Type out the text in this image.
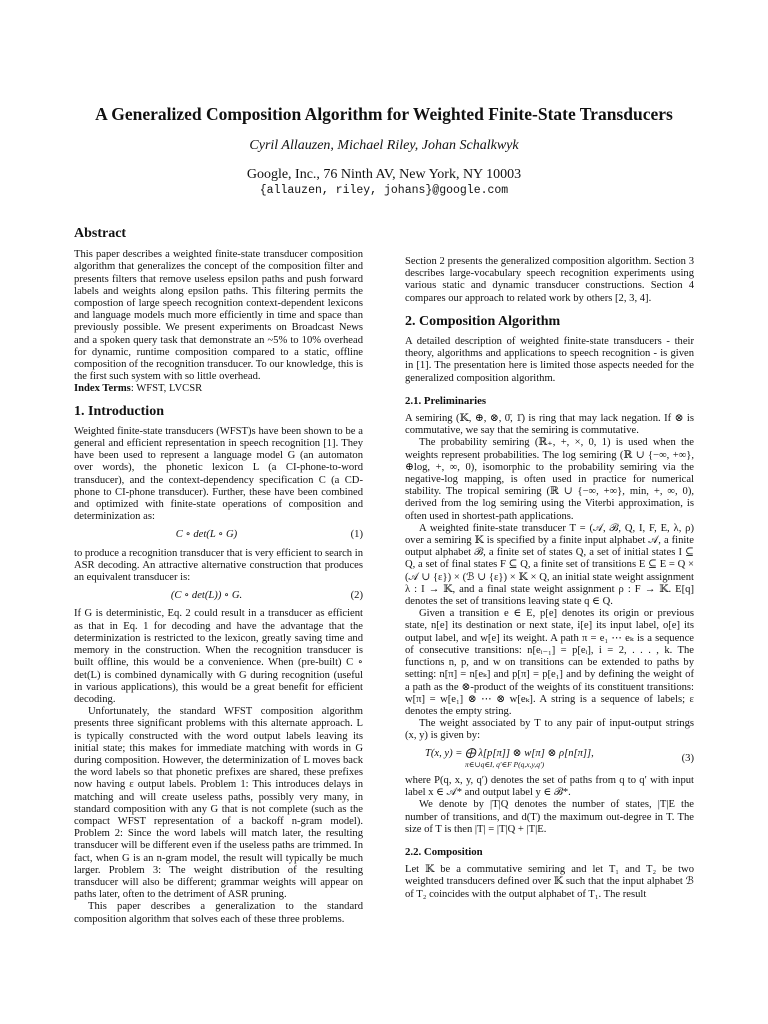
A Generalized Composition Algorithm for Weighted Finite-State Transducers

Cyril Allauzen, Michael Riley, Johan Schalkwyk

Google, Inc., 76 Ninth AV, New York, NY 10003

{allauzen, riley, johans}@google.com

Abstract

This paper describes a weighted finite-state transducer composition algorithm that generalizes the concept of the composition filter and presents filters that remove useless epsilon paths and push forward labels and weights along epsilon paths. This filtering permits the compostion of large speech recognition context-dependent lexicons and language models much more efficiently in time and space than previously possible. We present experiments on Broadcast News and a spoken query task that demonstrate an ~5% to 10% overhead for dynamic, runtime composition compared to a static, offline composition of the recognition transducer. To our knowledge, this is the first such system with so little overhead.

Index Terms: WFST, LVCSR

1. Introduction

Weighted finite-state transducers (WFST)s have been shown to be a general and efficient representation in speech recognition [1]. They have been used to represent a language model G (an automaton over words), the phonetic lexicon L (a CI-phone-to-word transducer), and the context-dependency specification C (a CD-phone to CI-phone transducer). Further, these have been combined and optimized with finite-state operations of composition and determinization as:

C ∘ det(L ∘ G)	(1)

to produce a recognition transducer that is very efficient to search in ASR decoding. An attractive alternative construction that produces an equivalent transducer is:

(C ∘ det(L)) ∘ G.	(2)

If G is deterministic, Eq. 2 could result in a transducer as efficient as that in Eq. 1 for decoding and have the advantage that the determinization is restricted to the lexicon, greatly saving time and memory in the construction. When the recognition transducer is built offline, this would be a convenience. When (pre-built) C ∘ det(L) is combined dynamically with G during recognition (useful in various applications), this would be a great benefit for efficient decoding.

Unfortunately, the standard WFST composition algorithm presents three significant problems with this alternate approach. L is typically constructed with the word output labels leaving its initial state; this makes for immediate matching with words in G during composition. However, the determinization of L moves back the word labels so that phonetic prefixes are shared, these prefixes now having ε output labels. Problem 1: This introduces delays in matching and will create useless paths, possibly very many, in standard composition with any G that is not complete (such as the compact WFST representation of a backoff n-gram model). Problem 2: Since the word labels will match later, the resulting transducer will be different even if the useless paths are trimmed. In fact, when G is an n-gram model, the result will typically be much larger. Problem 3: The weight distribution of the resulting transducer will also be different; grammar weights will appear on paths later, often to the detriment of ASR pruning.

This paper describes a generalization to the standard composition algorithm that solves each of these three problems.

Section 2 presents the generalized composition algorithm. Section 3 describes large-vocabulary speech recognition experiments using various static and dynamic transducer constructions. Section 4 compares our approach to related work by others [2, 3, 4].

2. Composition Algorithm

A detailed description of weighted finite-state transducers - their theory, algorithms and applications to speech recognition - is given in [1]. The presentation here is limited those aspects needed for the generalized composition algorithm.

2.1. Preliminaries

A semiring (𝕂, ⊕, ⊗, 0̄, 1̄) is ring that may lack negation. If ⊗ is commutative, we say that the semiring is commutative.

The probability semiring (ℝ₊, +, ×, 0, 1) is used when the weights represent probabilities. The log semiring (ℝ ∪ {−∞, +∞}, ⊕log, +, ∞, 0), isomorphic to the probability semiring via the negative-log mapping, is often used in practice for numerical stability. The tropical semiring (ℝ ∪ {−∞, +∞}, min, +, ∞, 0), derived from the log semiring using the Viterbi approximation, is often used in shortest-path applications.

A weighted finite-state transducer T = (𝒜, ℬ, Q, I, F, E, λ, ρ) over a semiring 𝕂 is specified by a finite input alphabet 𝒜, a finite output alphabet ℬ, a finite set of states Q, a set of initial states I ⊆ Q, a set of final states F ⊆ Q, a finite set of transitions E ⊆ E = Q × (𝒜 ∪ {ε}) × (ℬ ∪ {ε}) × 𝕂 × Q, an initial state weight assignment λ : I → 𝕂, and a final state weight assignment ρ : F → 𝕂. E[q] denotes the set of transitions leaving state q ∈ Q.

Given a transition e ∈ E, p[e] denotes its origin or previous state, n[e] its destination or next state, i[e] its input label, o[e] its output label, and w[e] its weight. A path π = e₁ ⋯ eₖ is a sequence of consecutive transitions: n[eᵢ₋₁] = p[eᵢ], i = 2, . . . , k. The functions n, p, and w on transitions can be extended to paths by setting: n[π] = n[eₖ] and p[π] = p[e₁] and by defining the weight of a path as the ⊗-product of the weights of its constituent transitions: w[π] = w[e₁] ⊗ ⋯ ⊗ w[eₖ]. A string is a sequence of labels; ε denotes the empty string.

The weight associated by T to any pair of input-output strings (x, y) is given by:

T(x, y) = ⨁ λ[p[π]] ⊗ w[π] ⊗ ρ[n[π]],
π∈∪q∈I, q′∈F P(q,x,y,q′)
(3)

where P(q, x, y, q′) denotes the set of paths from q to q′ with input label x ∈ 𝒜* and output label y ∈ ℬ*.

We denote by |T|Q denotes the number of states, |T|E the number of transitions, and d(T) the maximum out-degree in T. The size of T is then |T| = |T|Q + |T|E.

2.2. Composition

Let 𝕂 be a commutative semiring and let T₁ and T₂ be two weighted transducers defined over 𝕂 such that the input alphabet ℬ of T₂ coincides with the output alphabet of T₁. The result
